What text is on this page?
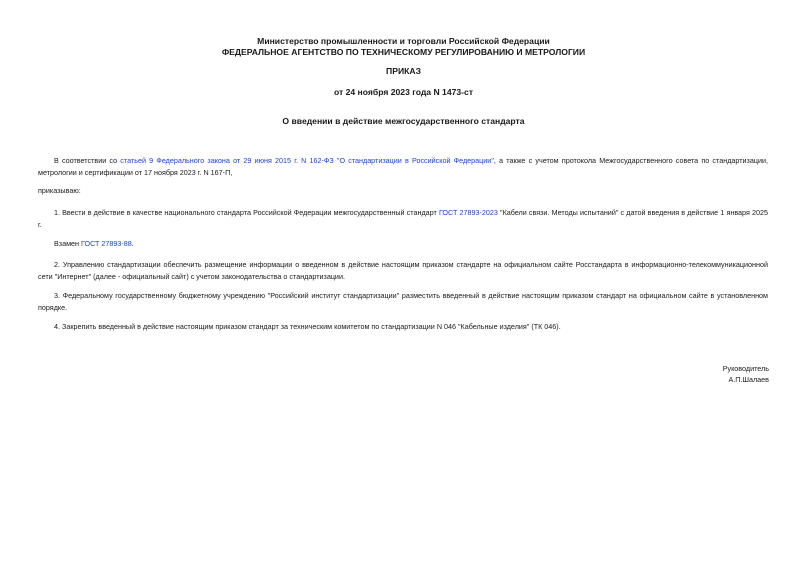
Министерство промышленности и торговли Российской Федерации
ФЕДЕРАЛЬНОЕ АГЕНТСТВО ПО ТЕХНИЧЕСКОМУ РЕГУЛИРОВАНИЮ И МЕТРОЛОГИИ
ПРИКАЗ
от 24 ноября 2023 года N 1473-ст
О введении в действие межгосударственного стандарта
В соответствии со статьей 9 Федерального закона от 29 июня 2015 г. N 162-ФЗ "О стандартизации в Российской Федерации", а также с учетом протокола Межгосударственного совета по стандартизации, метрологии и сертификации от 17 ноября 2023 г. N 167-П,
приказываю:
1. Ввести в действие в качестве национального стандарта Российской Федерации межгосударственный стандарт ГОСТ 27893-2023 "Кабели связи. Методы испытаний" с датой введения в действие 1 января 2025 г.
Взамен ГОСТ 27893-88.
2. Управлению стандартизации обеспечить размещение информации о введенном в действие настоящим приказом стандарте на официальном сайте Росстандарта в информационно-телекоммуникационной сети "Интернет" (далее - официальный сайт) с учетом законодательства о стандартизации.
3. Федеральному государственному бюджетному учреждению "Российский институт стандартизации" разместить введенный в действие настоящим приказом стандарт на официальном сайте в установленном порядке.
4. Закрепить введенный в действие настоящим приказом стандарт за техническим комитетом по стандартизации N 046 "Кабельные изделия" (ТК 046).
Руководитель
А.П.Шалаев
